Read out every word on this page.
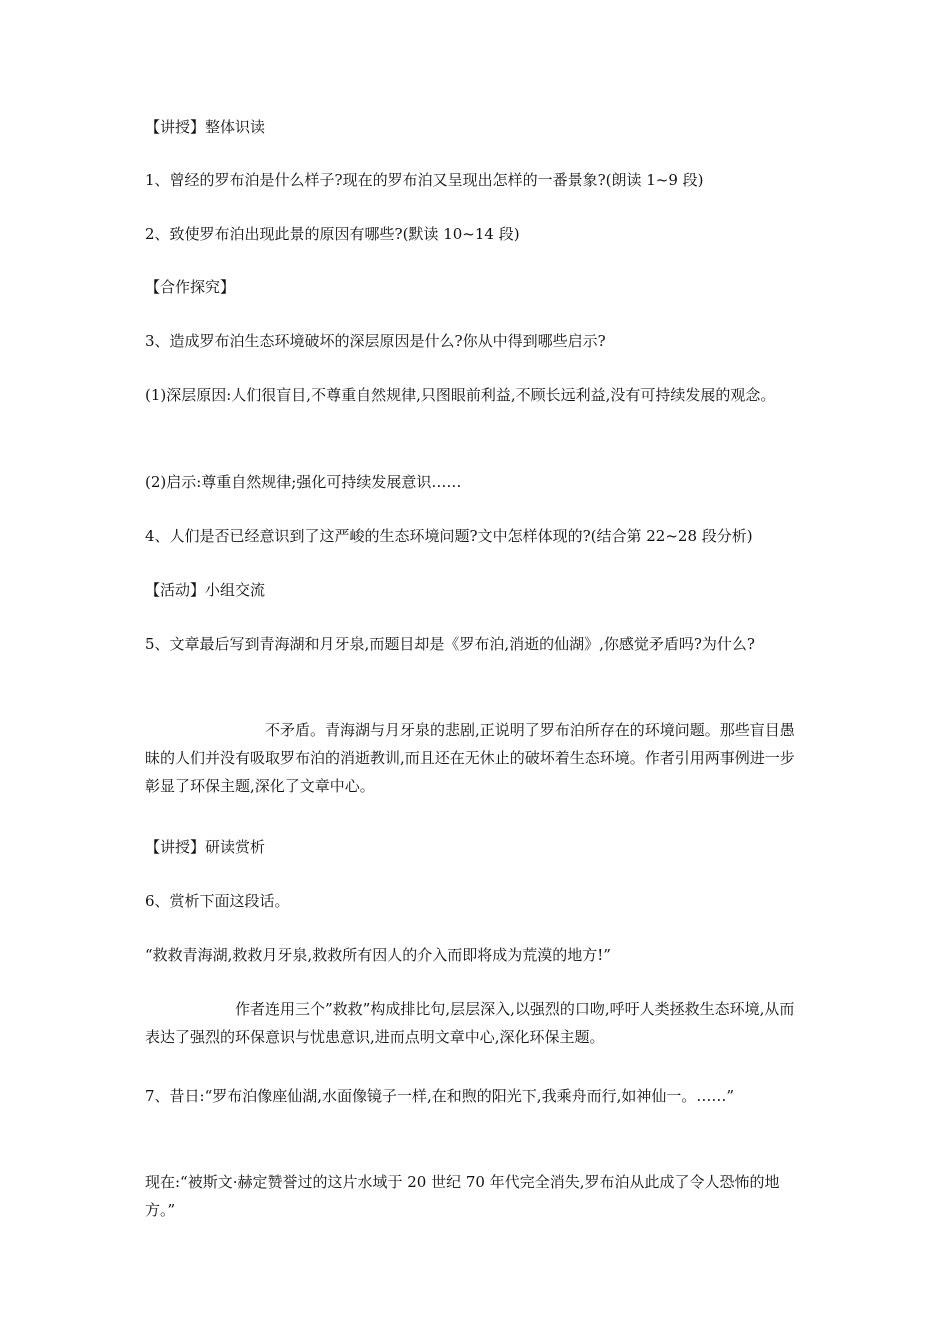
【讲授】整体识读
1、曾经的罗布泊是什么样子?现在的罗布泊又呈现出怎样的一番景象?(朗读 1~9 段)
2、致使罗布泊出现此景的原因有哪些?(默读 10~14 段)
【合作探究】
3、造成罗布泊生态环境破坏的深层原因是什么?你从中得到哪些启示?
(1)深层原因:人们很盲目,不尊重自然规律,只图眼前利益,不顾长远利益,没有可持续发展的观念。
(2)启示:尊重自然规律;强化可持续发展意识……
4、人们是否已经意识到了这严峻的生态环境问题?文中怎样体现的?(结合第 22~28 段分析)
【活动】小组交流
5、文章最后写到青海湖和月牙泉,而题目却是《罗布泊,消逝的仙湖》,你感觉矛盾吗?为什么?
不矛盾。青海湖与月牙泉的悲剧,正说明了罗布泊所存在的环境问题。那些盲目愚昧的人们并没有吸取罗布泊的消逝教训,而且还在无休止的破坏着生态环境。作者引用两事例进一步彰显了环保主题,深化了文章中心。
【讲授】研读赏析
6、赏析下面这段话。
“救救青海湖,救救月牙泉,救救所有因人的介入而即将成为荒漠的地方!”
作者连用三个”救救”构成排比句,层层深入,以强烈的口吻,呼吁人类拯救生态环境,从而表达了强烈的环保意识与忧患意识,进而点明文章中心,深化环保主题。
7、昔日:“罗布泊像座仙湖,水面像镜子一样,在和煦的阳光下,我乘舟而行,如神仙一。……”
现在:“被斯文·赫定赞誉过的这片水域于 20 世纪 70 年代完全消失,罗布泊从此成了令人恐怖的地方。”
